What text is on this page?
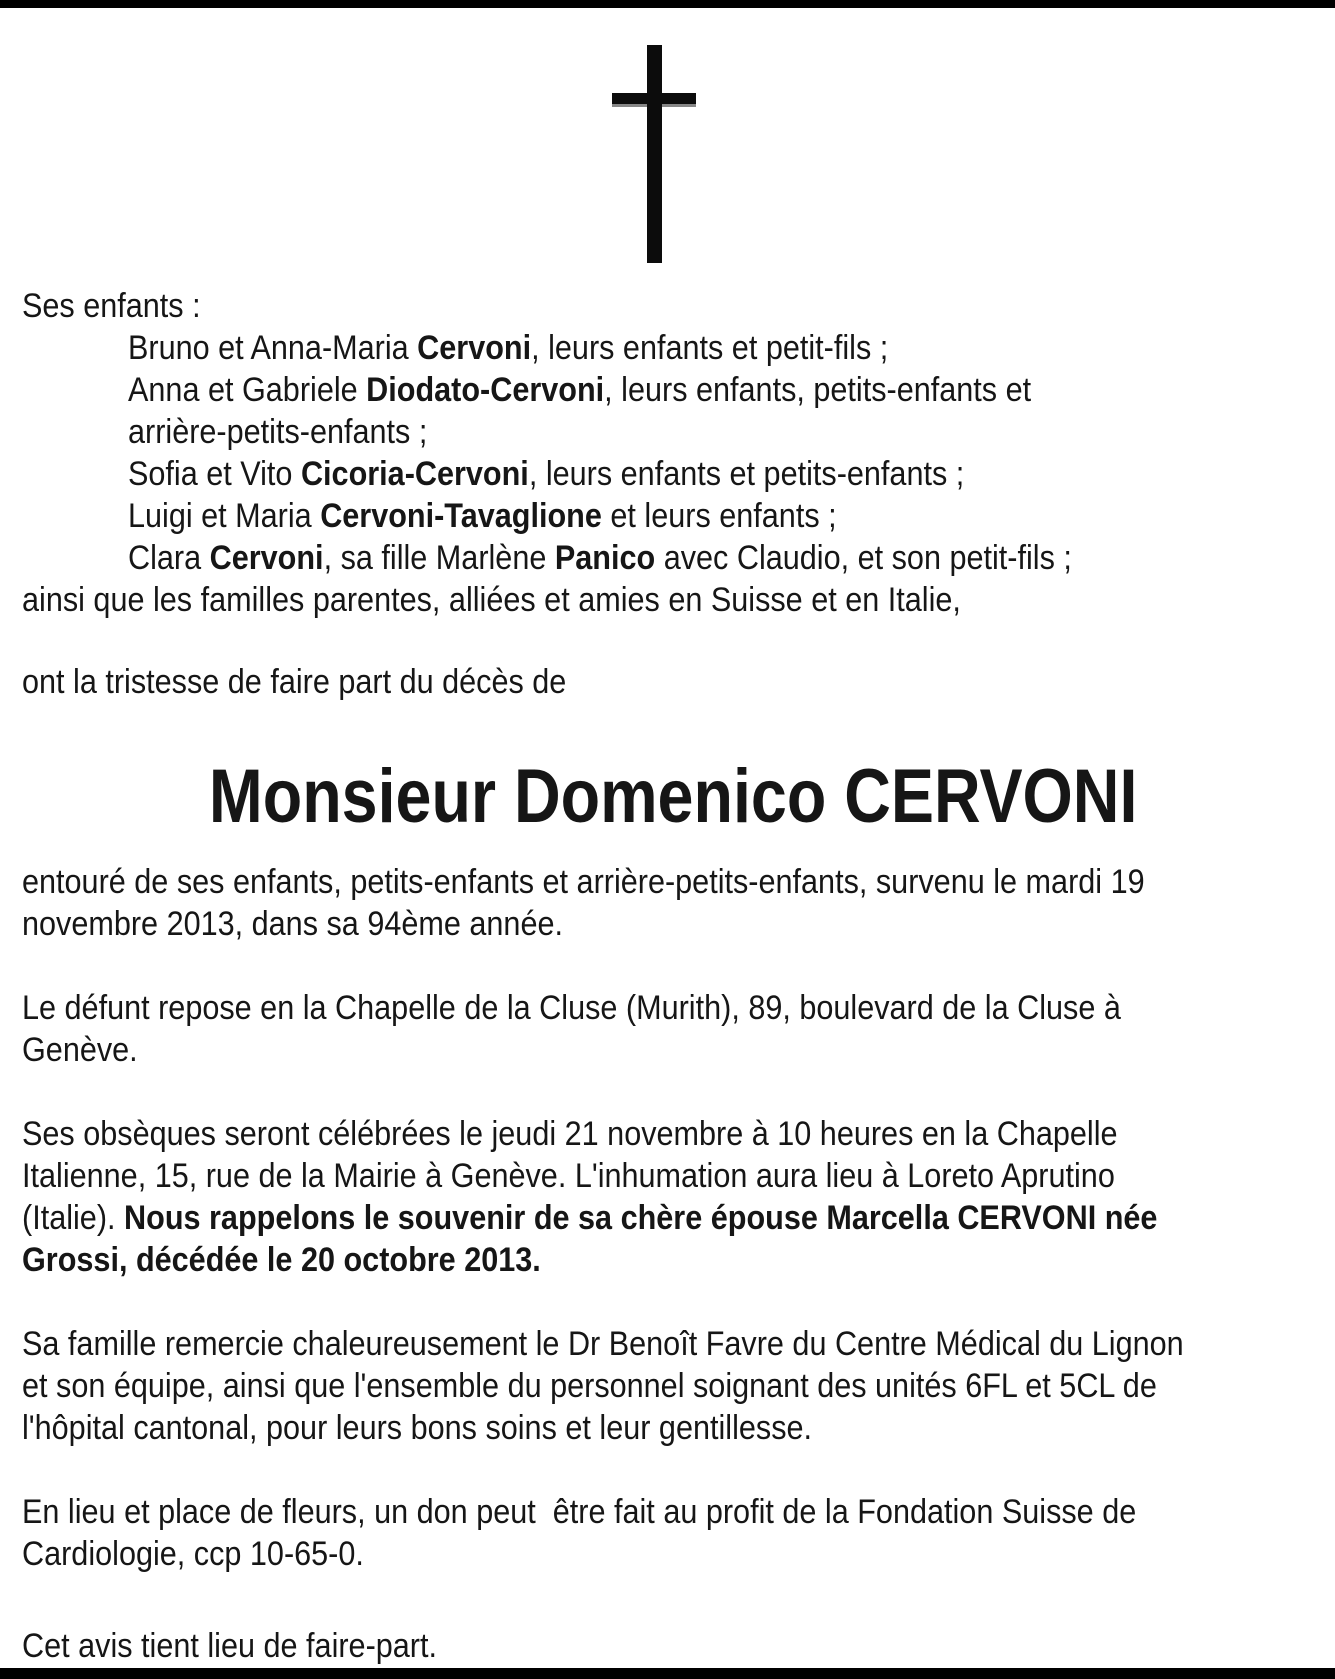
Ses enfants :
Bruno et Anna-Maria Cervoni, leurs enfants et petit-fils ;
Anna et Gabriele Diodato-Cervoni, leurs enfants, petits-enfants et
arrière-petits-enfants ;
Sofia et Vito Cicoria-Cervoni, leurs enfants et petits-enfants ;
Luigi et Maria Cervoni-Tavaglione et leurs enfants ;
Clara Cervoni, sa fille Marlène Panico avec Claudio, et son petit-fils ;
ainsi que les familles parentes, alliées et amies en Suisse et en Italie,
ont la tristesse de faire part du décès de
Monsieur Domenico CERVONI
entouré de ses enfants, petits-enfants et arrière-petits-enfants, survenu le mardi 19
novembre 2013, dans sa 94ème année.
Le défunt repose en la Chapelle de la Cluse (Murith), 89, boulevard de la Cluse à
Genève.
Ses obsèques seront célébrées le jeudi 21 novembre à 10 heures en la Chapelle
Italienne, 15, rue de la Mairie à Genève. L'inhumation aura lieu à Loreto Aprutino
(Italie). Nous rappelons le souvenir de sa chère épouse Marcella CERVONI née
Grossi, décédée le 20 octobre 2013.
Sa famille remercie chaleureusement le Dr Benoît Favre du Centre Médical du Lignon
et son équipe, ainsi que l'ensemble du personnel soignant des unités 6FL et 5CL de
l'hôpital cantonal, pour leurs bons soins et leur gentillesse.
En lieu et place de fleurs, un don peut  être fait au profit de la Fondation Suisse de
Cardiologie, ccp 10-65-0.
Cet avis tient lieu de faire-part.
